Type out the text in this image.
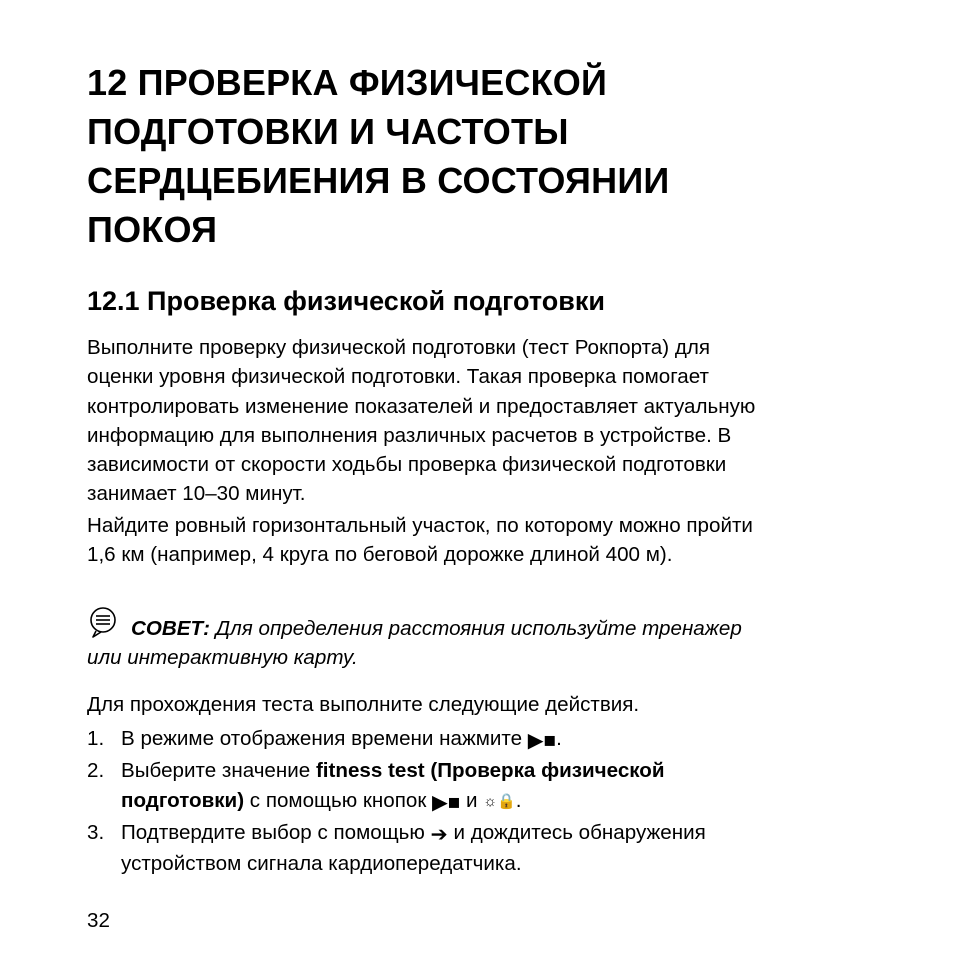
12 ПРОВЕРКА ФИЗИЧЕСКОЙ
ПОДГОТОВКИ И ЧАСТОТЫ
СЕРДЦЕБИЕНИЯ В СОСТОЯНИИ
ПОКОЯ
12.1 Проверка физической подготовки

Выполните проверку физической подготовки (тест Рокпорта) для
оценки уровня физической подготовки. Такая проверка помогает
контролировать изменение показателей и предоставляет актуальную
информацию для выполнения различных расчетов в устройстве. В
зависимости от скорости ходьбы проверка физической подготовки
занимает 10–30 минут.

Найдите ровный горизонтальный участок, по которому можно пройти
1,6 км (например, 4 круга по беговой дорожке длиной 400 м).

СОВЕТ: Для определения расстояния используйте тренажер
или интерактивную карту.
Для прохождения теста выполните следующие действия.
1. В режиме отображения времени нажмите ▶■.
2. Выберите значение fitness test (Проверка физической
подготовки) с помощью кнопок ▶■ и ☼🔒.
3. Подтвердите выбор с помощью ➔ и дождитесь обнаружения
устройством сигнала кардиопередатчика.
32
